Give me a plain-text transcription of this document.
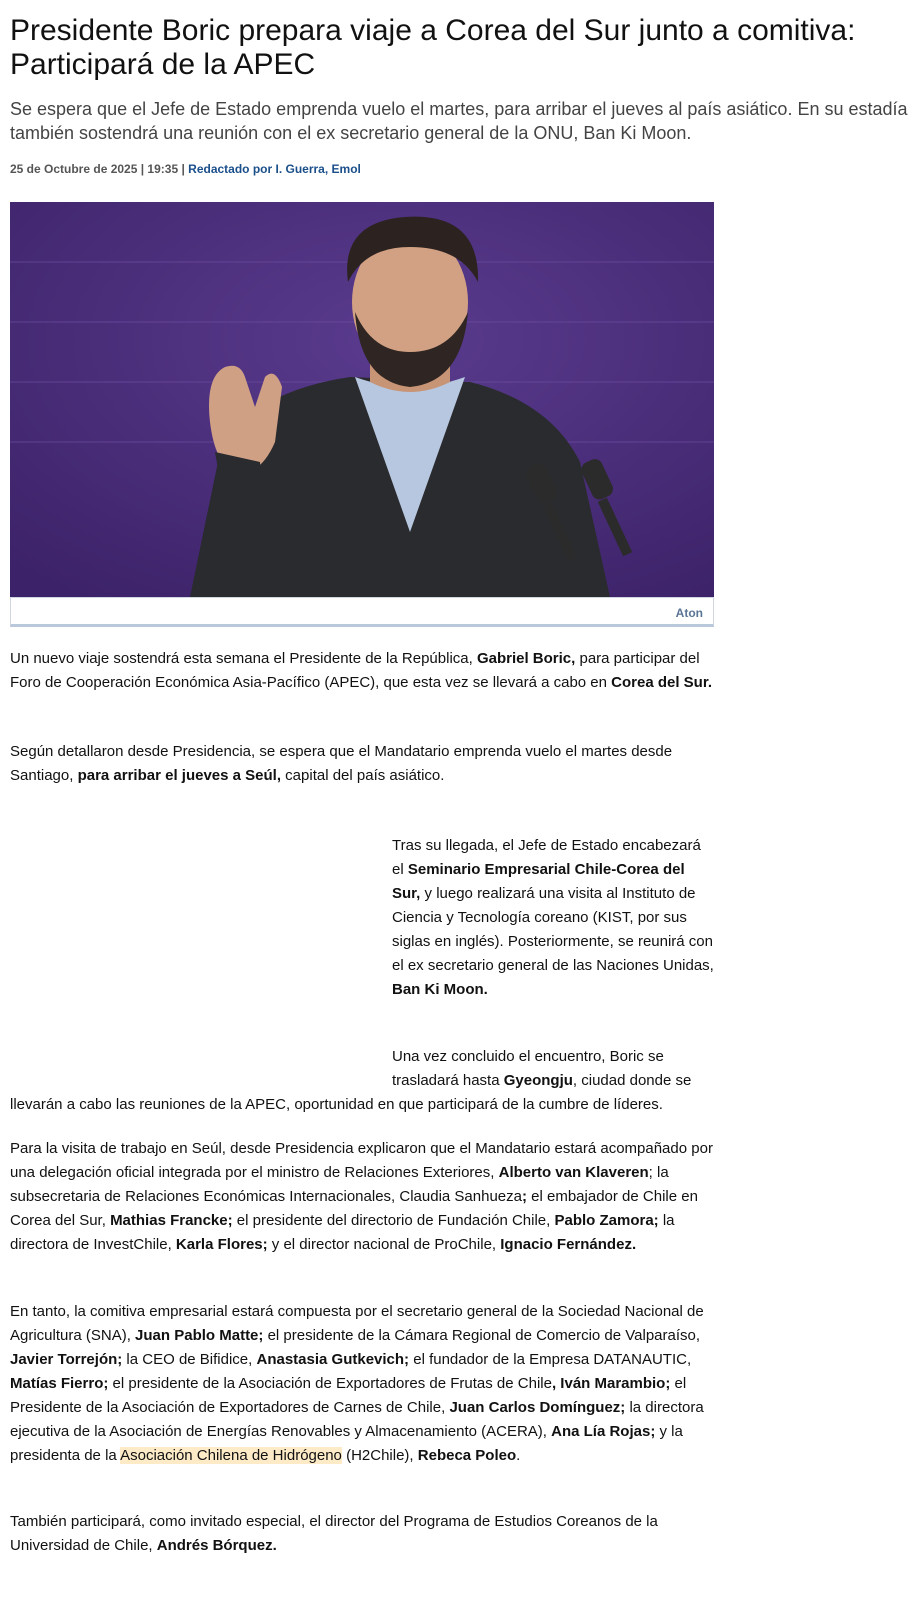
Presidente Boric prepara viaje a Corea del Sur junto a comitiva: Participará de la APEC

Se espera que el Jefe de Estado emprenda vuelo el martes, para arribar el jueves al país asiático. En su estadía también sostendrá una reunión con el ex secretario general de la ONU, Ban Ki Moon.

25 de Octubre de 2025 | 19:35 | Redactado por I. Guerra, Emol

Aton

Un nuevo viaje sostendrá esta semana el Presidente de la República, Gabriel Boric, para participar del Foro de Cooperación Económica Asia-Pacífico (APEC), que esta vez se llevará a cabo en Corea del Sur.

Según detallaron desde Presidencia, se espera que el Mandatario emprenda vuelo el martes desde Santiago, para arribar el jueves a Seúl, capital del país asiático.

Tras su llegada, el Jefe de Estado encabezará el Seminario Empresarial Chile-Corea del Sur, y luego realizará una visita al Instituto de Ciencia y Tecnología coreano (KIST, por sus siglas en inglés). Posteriormente, se reunirá con el ex secretario general de las Naciones Unidas, Ban Ki Moon.

Una vez concluido el encuentro, Boric se trasladará hasta Gyeongju, ciudad donde se

llevarán a cabo las reuniones de la APEC, oportunidad en que participará de la cumbre de líderes.

Para la visita de trabajo en Seúl, desde Presidencia explicaron que el Mandatario estará acompañado por una delegación oficial integrada por el ministro de Relaciones Exteriores, Alberto van Klaveren; la subsecretaria de Relaciones Económicas Internacionales, Claudia Sanhueza; el embajador de Chile en Corea del Sur, Mathias Francke; el presidente del directorio de Fundación Chile, Pablo Zamora; la directora de InvestChile, Karla Flores; y el director nacional de ProChile, Ignacio Fernández.

En tanto, la comitiva empresarial estará compuesta por el secretario general de la Sociedad Nacional de Agricultura (SNA), Juan Pablo Matte; el presidente de la Cámara Regional de Comercio de Valparaíso, Javier Torrejón; la CEO de Bifidice, Anastasia Gutkevich; el fundador de la Empresa DATANAUTIC, Matías Fierro; el presidente de la Asociación de Exportadores de Frutas de Chile, Iván Marambio; el Presidente de la Asociación de Exportadores de Carnes de Chile, Juan Carlos Domínguez; la directora ejecutiva de la Asociación de Energías Renovables y Almacenamiento (ACERA), Ana Lía Rojas; y la presidenta de la Asociación Chilena de Hidrógeno (H2Chile), Rebeca Poleo.

También participará, como invitado especial, el director del Programa de Estudios Coreanos de la Universidad de Chile, Andrés Bórquez.
